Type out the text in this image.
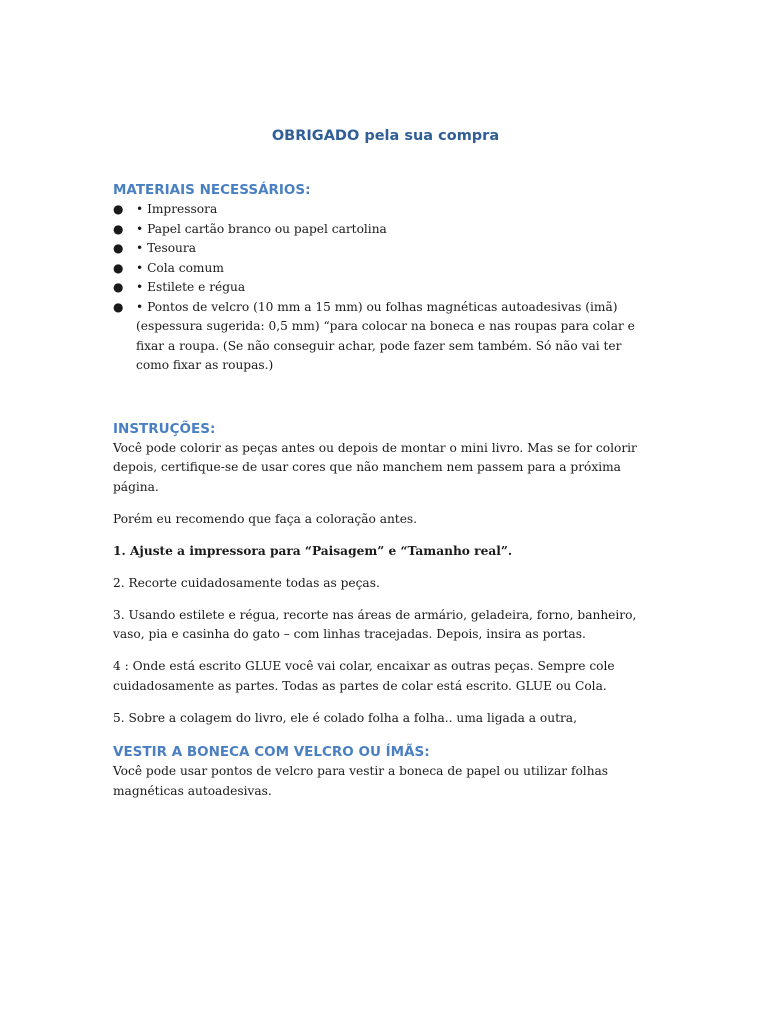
OBRIGADO pela sua compra
MATERIAIS NECESSÁRIOS:
● • Impressora
● • Papel cartão branco ou papel cartolina
● • Tesoura
● • Cola comum
● • Estilete e régua
● • Pontos de velcro (10 mm a 15 mm) ou folhas magnéticas autoadesivas (imã) (espessura sugerida: 0,5 mm) “para colocar na boneca e nas roupas para colar e fixar a roupa. (Se não conseguir achar, pode fazer sem também. Só não vai ter como fixar as roupas.)
INSTRUÇÕES:

Você pode colorir as peças antes ou depois de montar o mini livro. Mas se for colorir depois, certifique-se de usar cores que não manchem nem passem para a próxima página.

Porém eu recomendo que faça a coloração antes.

1. Ajuste a impressora para “Paisagem” e “Tamanho real”.

2. Recorte cuidadosamente todas as peças.

3. Usando estilete e régua, recorte nas áreas de armário, geladeira, forno, banheiro, vaso, pia e casinha do gato – com linhas tracejadas. Depois, insira as portas.

4 : Onde está escrito GLUE você vai colar, encaixar as outras peças. Sempre cole cuidadosamente as partes. Todas as partes de colar está escrito. GLUE ou Cola.

5. Sobre a colagem do livro, ele é colado folha a folha.. uma ligada a outra,

VESTIR A BONECA COM VELCRO OU ÍMÃS:

Você pode usar pontos de velcro para vestir a boneca de papel ou utilizar folhas magnéticas autoadesivas.
